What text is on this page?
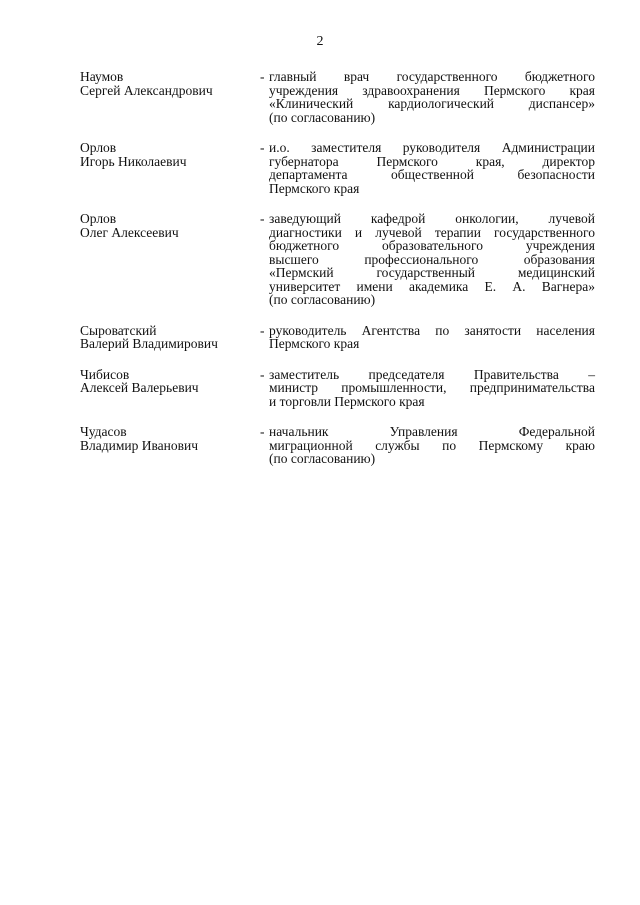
2
Наумов
Сергей Александрович
- главный врач государственного бюджетного
учреждения здравоохранения Пермского края
«Клинический кардиологический диспансер»
(по согласованию)
Орлов
Игорь Николаевич
- и.о. заместителя руководителя Администрации
губернатора Пермского края, директор
департамента общественной безопасности
Пермского края
Орлов
Олег Алексеевич
- заведующий кафедрой онкологии, лучевой
диагностики и лучевой терапии государственного
бюджетного образовательного учреждения
высшего профессионального образования
«Пермский государственный медицинский
университет имени академика Е. А. Вагнера»
(по согласованию)
Сыроватский
Валерий Владимирович
- руководитель Агентства по занятости населения
Пермского края
Чибисов
Алексей Валерьевич
- заместитель председателя Правительства –
министр промышленности, предпринимательства
и торговли Пермского края
Чудасов
Владимир Иванович
- начальник Управления Федеральной
миграционной службы по Пермскому краю
(по согласованию)
